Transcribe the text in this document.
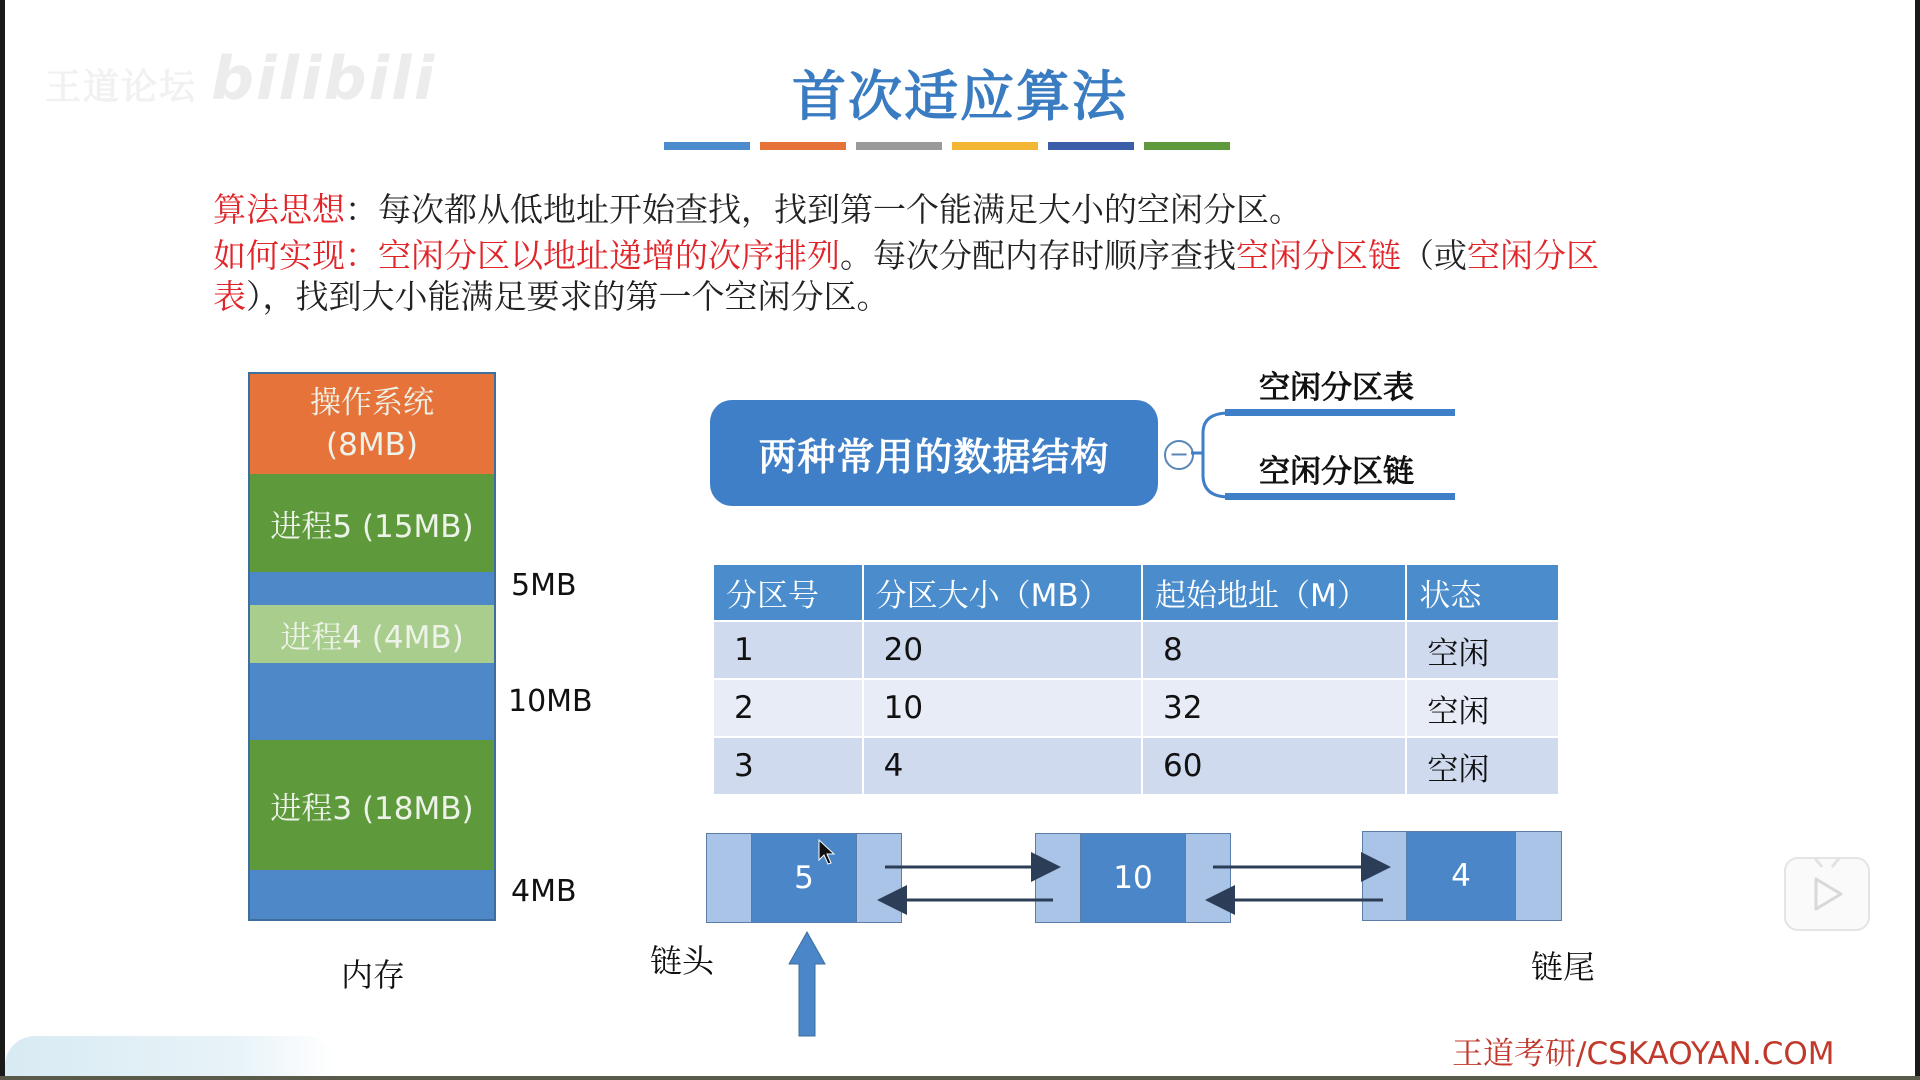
王道论坛 bilibili	首次适应算法
算法思想：每次都从低地址开始查找，找到第一个能满足大小的空闲分区。
如何实现：空闲分区以地址递增的次序排列。每次分配内存时顺序查找空闲分区链（或空闲分区
表），找到大小能满足要求的第一个空闲分区。
操作系统
(8MB)
进程5 (15MB)
进程4 (4MB)
进程3 (18MB)
5MB
10MB
4MB
内存
两种常用的数据结构	−
空闲分区表
空闲分区链
分区号	分区大小（MB）	起始地址（M）	状态
1	20	8	空闲
2	10	32	空闲
3	4	60	空闲
5	10	4
链头	链尾
王道考研/CSKAOYAN.COM
